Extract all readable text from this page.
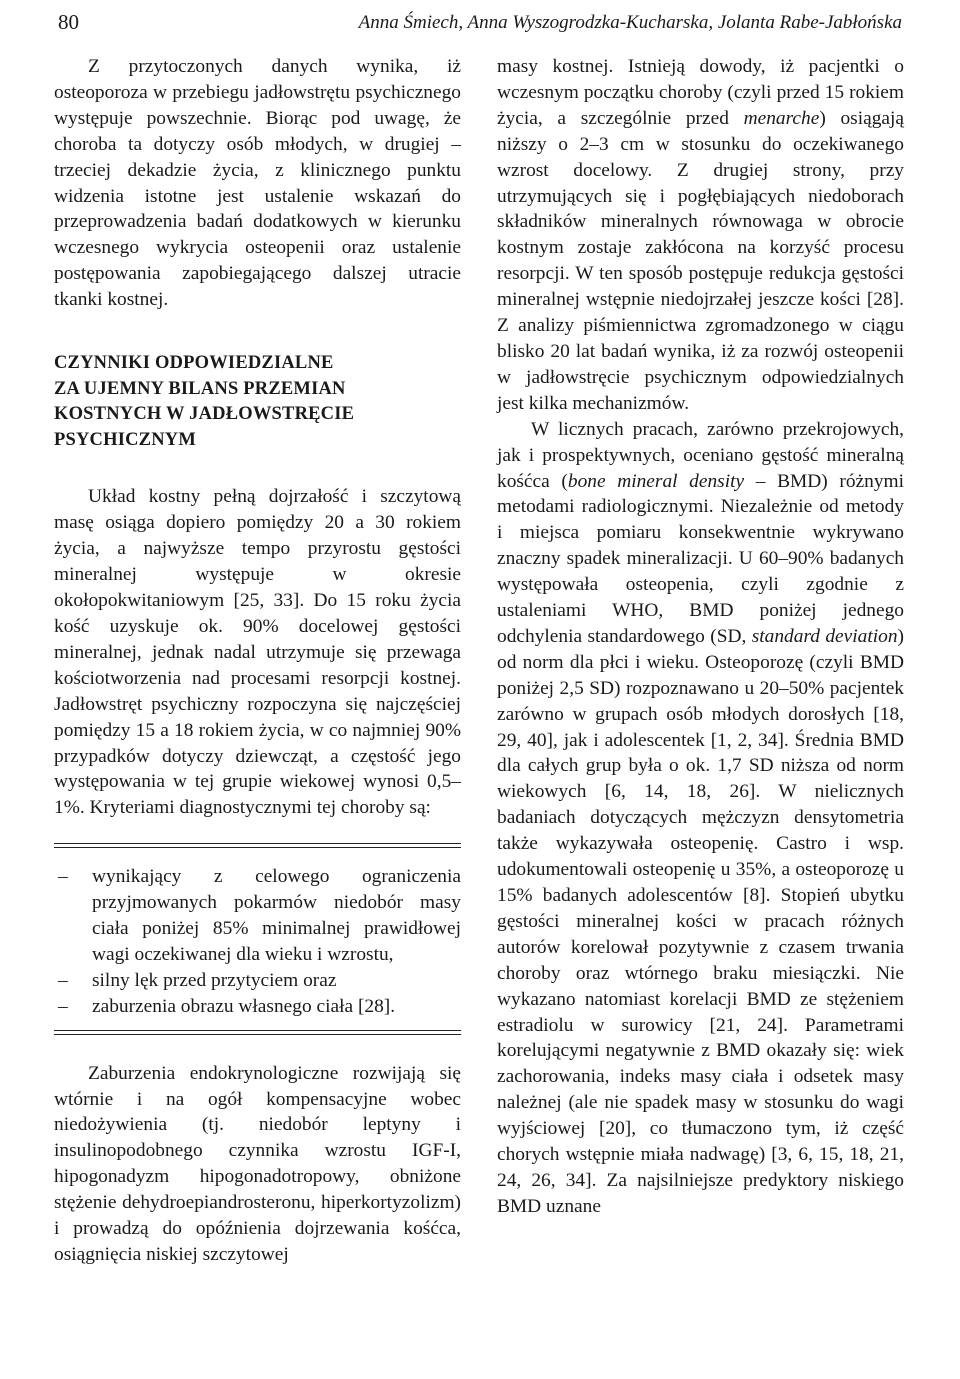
80	Anna Śmiech, Anna Wyszogrodzka-Kucharska, Jolanta Rabe-Jabłońska

Z przytoczonych danych wynika, iż osteoporoza w przebiegu jadłowstrętu psychicznego występuje powszechnie. Biorąc pod uwagę, że choroba ta dotyczy osób młodych, w drugiej – trzeciej dekadzie życia, z klinicznego punktu widzenia istotne jest ustalenie wskazań do przeprowadzenia badań dodatkowych w kierunku wczesnego wykrycia osteopenii oraz ustalenie postępowania zapobiegającego dalszej utracie tkanki kostnej.

CZYNNIKI ODPOWIEDZIALNE
ZA UJEMNY BILANS PRZEMIAN
KOSTNYCH W JADŁOWSTRĘCIE
PSYCHICZNYM

Układ kostny pełną dojrzałość i szczytową masę osiąga dopiero pomiędzy 20 a 30 rokiem życia, a najwyższe tempo przyrostu gęstości mineralnej występuje w okresie okołopokwitaniowym [25, 33]. Do 15 roku życia kość uzyskuje ok. 90% docelowej gęstości mineralnej, jednak nadal utrzymuje się przewaga kościotworzenia nad procesami resorpcji kostnej. Jadłowstręt psychiczny rozpoczyna się najczęściej pomiędzy 15 a 18 rokiem życia, w co najmniej 90% przypadków dotyczy dziewcząt, a częstość jego występowania w tej grupie wiekowej wynosi 0,5–1%. Kryteriami diagnostycznymi tej choroby są:

– wynikający z celowego ograniczenia przyjmowanych pokarmów niedobór masy ciała poniżej 85% minimalnej prawidłowej wagi oczekiwanej dla wieku i wzrostu,
– silny lęk przed przytyciem oraz
– zaburzenia obrazu własnego ciała [28].

Zaburzenia endokrynologiczne rozwijają się wtórnie i na ogół kompensacyjne wobec niedożywienia (tj. niedobór leptyny i insulinopodobnego czynnika wzrostu IGF-I, hipogonadyzm hipogonadotropowy, obniżone stężenie dehydroepiandrosteronu, hiperkortyzolizm) i prowadzą do opóźnienia dojrzewania kośćca, osiągnięcia niskiej szczytowej

masy kostnej. Istnieją dowody, iż pacjentki o wczesnym początku choroby (czyli przed 15 rokiem życia, a szczególnie przed menarche) osiągają niższy o 2–3 cm w stosunku do oczekiwanego wzrost docelowy. Z drugiej strony, przy utrzymujących się i pogłębiających niedoborach składników mineralnych równowaga w obrocie kostnym zostaje zakłócona na korzyść procesu resorpcji. W ten sposób postępuje redukcja gęstości mineralnej wstępnie niedojrzałej jeszcze kości [28]. Z analizy piśmiennictwa zgromadzonego w ciągu blisko 20 lat badań wynika, iż za rozwój osteopenii w jadłowstręcie psychicznym odpowiedzialnych jest kilka mechanizmów.

W licznych pracach, zarówno przekrojowych, jak i prospektywnych, oceniano gęstość mineralną kośćca (bone mineral density – BMD) różnymi metodami radiologicznymi. Niezależnie od metody i miejsca pomiaru konsekwentnie wykrywano znaczny spadek mineralizacji. U 60–90% badanych występowała osteopenia, czyli zgodnie z ustaleniami WHO, BMD poniżej jednego odchylenia standardowego (SD, standard deviation) od norm dla płci i wieku. Osteoporozę (czyli BMD poniżej 2,5 SD) rozpoznawano u 20–50% pacjentek zarówno w grupach osób młodych dorosłych [18, 29, 40], jak i adolescentek [1, 2, 34]. Średnia BMD dla całych grup była o ok. 1,7 SD niższa od norm wiekowych [6, 14, 18, 26]. W nielicznych badaniach dotyczących mężczyzn densytometria także wykazywała osteopenię. Castro i wsp. udokumentowali osteopenię u 35%, a osteoporozę u 15% badanych adolescentów [8]. Stopień ubytku gęstości mineralnej kości w pracach różnych autorów korelował pozytywnie z czasem trwania choroby oraz wtórnego braku miesiączki. Nie wykazano natomiast korelacji BMD ze stężeniem estradiolu w surowicy [21, 24]. Parametrami korelującymi negatywnie z BMD okazały się: wiek zachorowania, indeks masy ciała i odsetek masy należnej (ale nie spadek masy w stosunku do wagi wyjściowej [20], co tłumaczono tym, iż część chorych wstępnie miała nadwagę) [3, 6, 15, 18, 21, 24, 26, 34]. Za najsilniejsze predyktory niskiego BMD uznane
